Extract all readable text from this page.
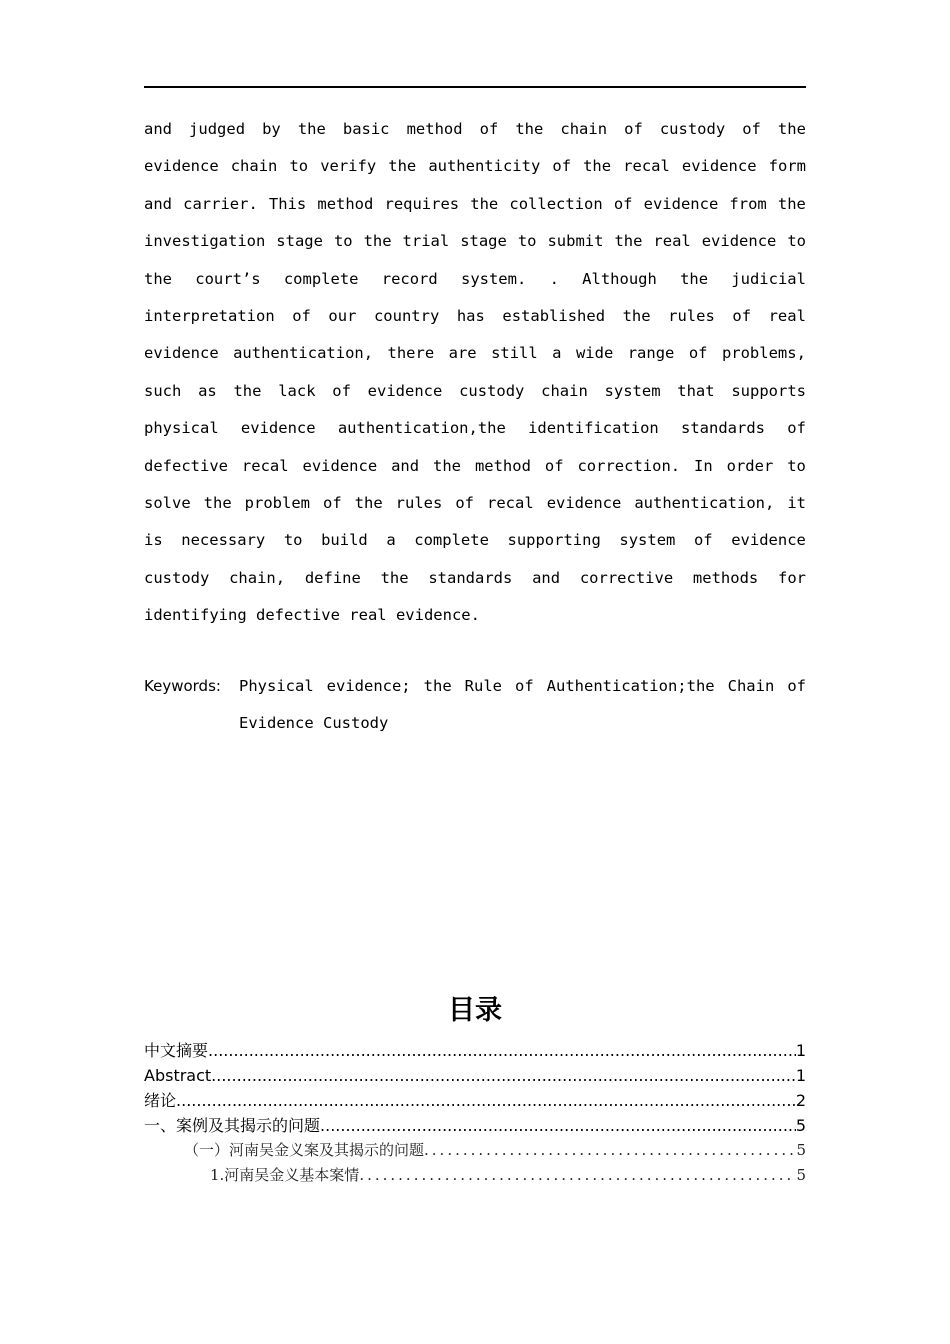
and judged by the basic method of the chain of custody of the
evidence chain to verify the authenticity of the recal evidence form
and carrier. This method requires the collection of evidence from the
investigation stage to the trial stage to submit the real evidence to
the court’s complete record system. . Although the judicial
interpretation of our country has established the rules of real
evidence authentication, there are still a wide range of problems,
such as the lack of evidence custody chain system that supports
physical evidence authentication,the identification standards of
defective recal evidence and the method of correction. In order to
solve the problem of the rules of recal evidence authentication, it
is necessary to build a complete supporting system of evidence
custody chain, define the standards and corrective methods for
identifying defective real evidence.
Keywords:	Physical evidence; the Rule of Authentication;the Chain of
Evidence Custody
目录
中文摘要 .....	1
Abstract .....	1
绪论 .....	2
一、案例及其揭示的问题 .....	5
（一）河南吴金义案及其揭示的问题 .....	5
1.河南吴金义基本案情 .....	5
